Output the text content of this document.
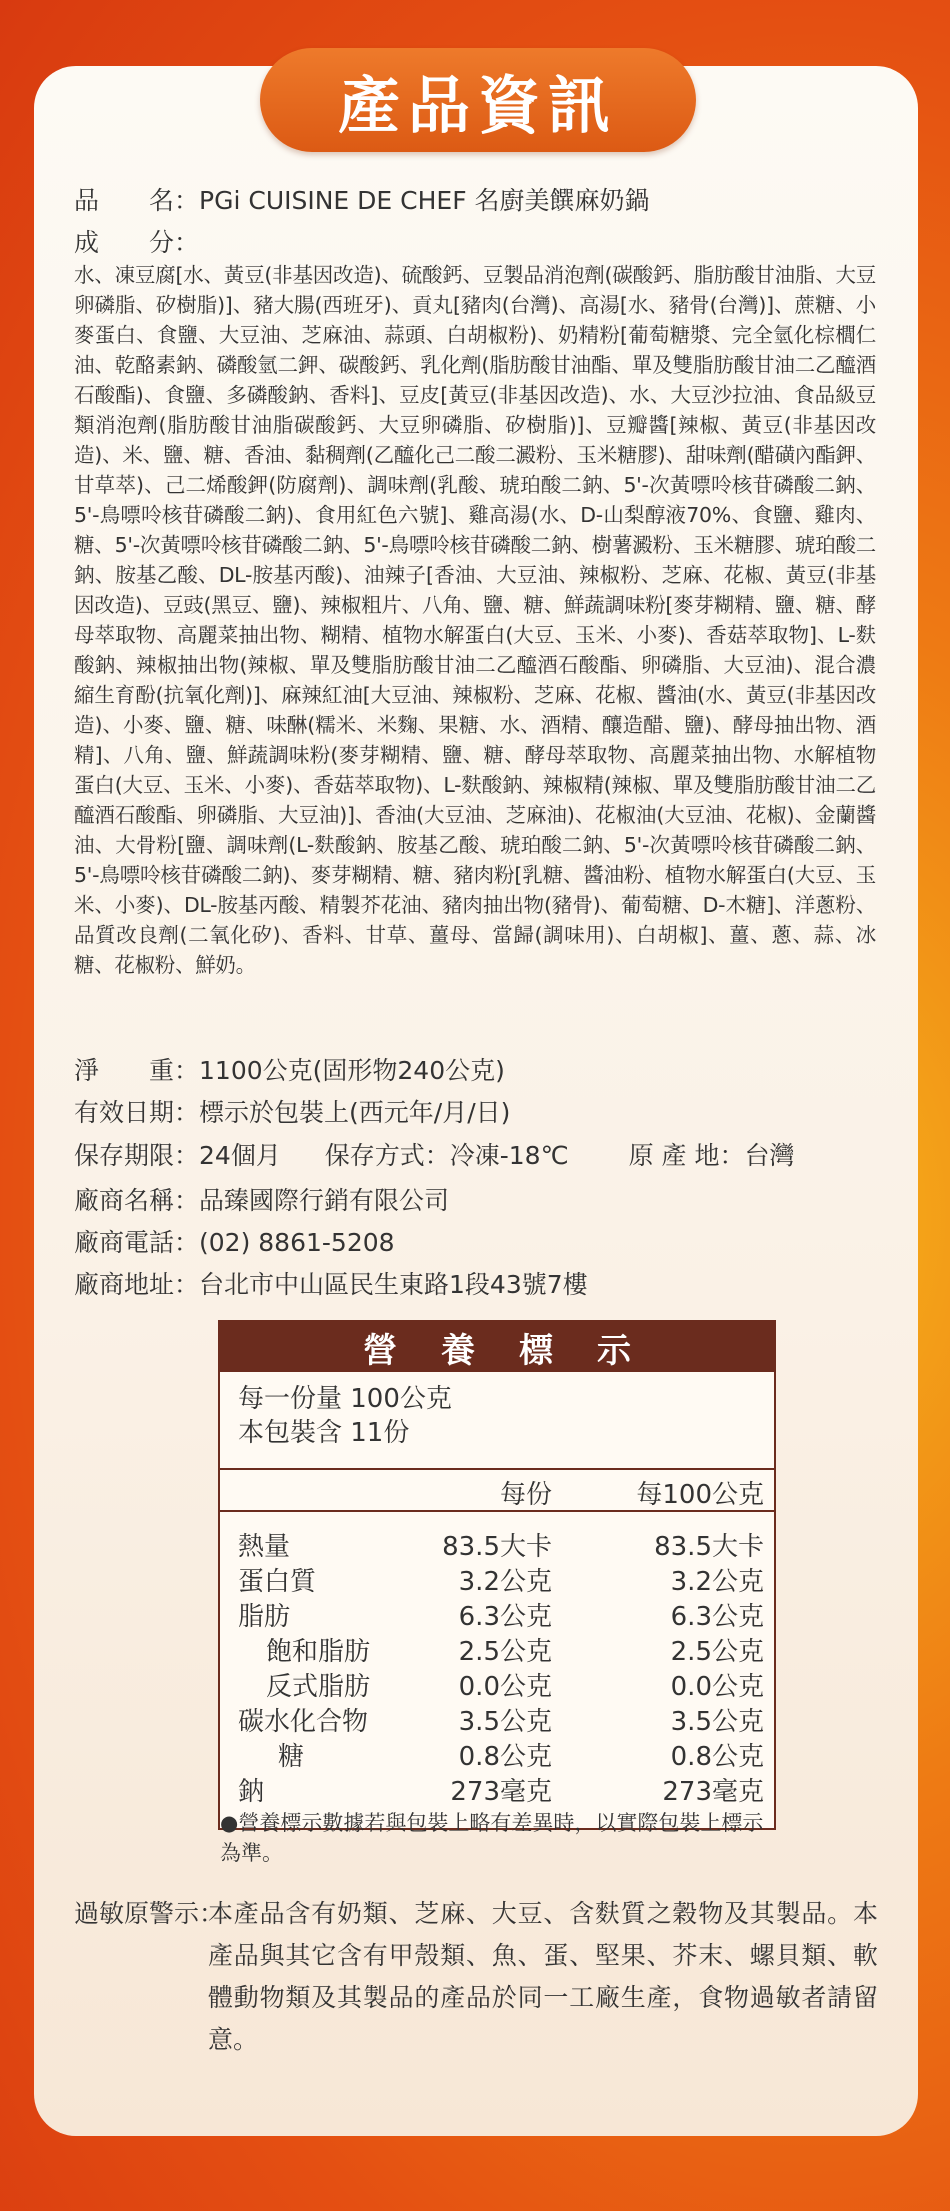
產品資訊
品　　名：PGi CUISINE DE CHEF 名廚美饌麻奶鍋
成　　分：
水、凍豆腐[水、黃豆(非基因改造)、硫酸鈣、豆製品消泡劑(碳酸鈣、脂肪酸甘油脂、大豆卵磷脂、矽樹脂)]、豬大腸(西班牙)、貢丸[豬肉(台灣)、高湯[水、豬骨(台灣)]、蔗糖、小麥蛋白、食鹽、大豆油、芝麻油、蒜頭、白胡椒粉)、奶精粉[葡萄糖漿、完全氫化棕櫚仁油、乾酪素鈉、磷酸氫二鉀、碳酸鈣、乳化劑(脂肪酸甘油酯、單及雙脂肪酸甘油二乙醯酒石酸酯)、食鹽、多磷酸鈉、香料]、豆皮[黃豆(非基因改造)、水、大豆沙拉油、食品級豆類消泡劑(脂肪酸甘油脂碳酸鈣、大豆卵磷脂、矽樹脂)]、豆瓣醬[辣椒、黃豆(非基因改造)、米、鹽、糖、香油、黏稠劑(乙醯化己二酸二澱粉、玉米糖膠)、甜味劑(醋磺內酯鉀、甘草萃)、己二烯酸鉀(防腐劑)、調味劑(乳酸、琥珀酸二鈉、5'-次黃嘌呤核苷磷酸二鈉、5'-鳥嘌呤核苷磷酸二鈉)、食用紅色六號]、雞高湯(水、D-山梨醇液70%、食鹽、雞肉、糖、5'-次黃嘌呤核苷磷酸二鈉、5'-鳥嘌呤核苷磷酸二鈉、樹薯澱粉、玉米糖膠、琥珀酸二鈉、胺基乙酸、DL-胺基丙酸)、油辣子[香油、大豆油、辣椒粉、芝麻、花椒、黃豆(非基因改造)、豆豉(黑豆、鹽)、辣椒粗片、八角、鹽、糖、鮮蔬調味粉[麥芽糊精、鹽、糖、酵母萃取物、高麗菜抽出物、糊精、植物水解蛋白(大豆、玉米、小麥)、香菇萃取物]、L-麩酸鈉、辣椒抽出物(辣椒、單及雙脂肪酸甘油二乙醯酒石酸酯、卵磷脂、大豆油)、混合濃縮生育酚(抗氧化劑)]、麻辣紅油[大豆油、辣椒粉、芝麻、花椒、醬油(水、黃豆(非基因改造)、小麥、鹽、糖、味醂(糯米、米麴、果糖、水、酒精、釀造醋、鹽)、酵母抽出物、酒精]、八角、鹽、鮮蔬調味粉(麥芽糊精、鹽、糖、酵母萃取物、高麗菜抽出物、水解植物蛋白(大豆、玉米、小麥)、香菇萃取物)、L-麩酸鈉、辣椒精(辣椒、單及雙脂肪酸甘油二乙醯酒石酸酯、卵磷脂、大豆油)]、香油(大豆油、芝麻油)、花椒油(大豆油、花椒)、金蘭醬油、大骨粉[鹽、調味劑(L-麩酸鈉、胺基乙酸、琥珀酸二鈉、5'-次黃嘌呤核苷磷酸二鈉、5'-鳥嘌呤核苷磷酸二鈉)、麥芽糊精、糖、豬肉粉[乳糖、醬油粉、植物水解蛋白(大豆、玉米、小麥)、DL-胺基丙酸、精製芥花油、豬肉抽出物(豬骨)、葡萄糖、D-木糖]、洋蔥粉、品質改良劑(二氧化矽)、香料、甘草、薑母、當歸(調味用)、白胡椒]、薑、蔥、蒜、冰糖、花椒粉、鮮奶。
淨　　重：1100公克(固形物240公克)
有效日期：標示於包裝上(西元年/月/日)
保存期限：24個月 保存方式：冷凍-18℃ 原 產 地：台灣
廠商名稱：品臻國際行銷有限公司
廠商電話：(02) 8861-5208
廠商地址：台北市中山區民生東路1段43號7樓
營養標示
每一份量 100公克
本包裝含 11份
每份	每100公克
熱量	83.5大卡	83.5大卡
蛋白質	3.2公克	3.2公克
脂肪	6.3公克	6.3公克
飽和脂肪	2.5公克	2.5公克
反式脂肪	0.0公克	0.0公克
碳水化合物	3.5公克	3.5公克
糖	0.8公克	0.8公克
鈉	273毫克	273毫克
●營養標示數據若與包裝上略有差異時，以實際包裝上標示為準。
過敏原警示：
本產品含有奶類、芝麻、大豆、含麩質之穀物及其製品。本產品與其它含有甲殼類、魚、蛋、堅果、芥末、螺貝類、軟體動物類及其製品的產品於同一工廠生產，食物過敏者請留意。
